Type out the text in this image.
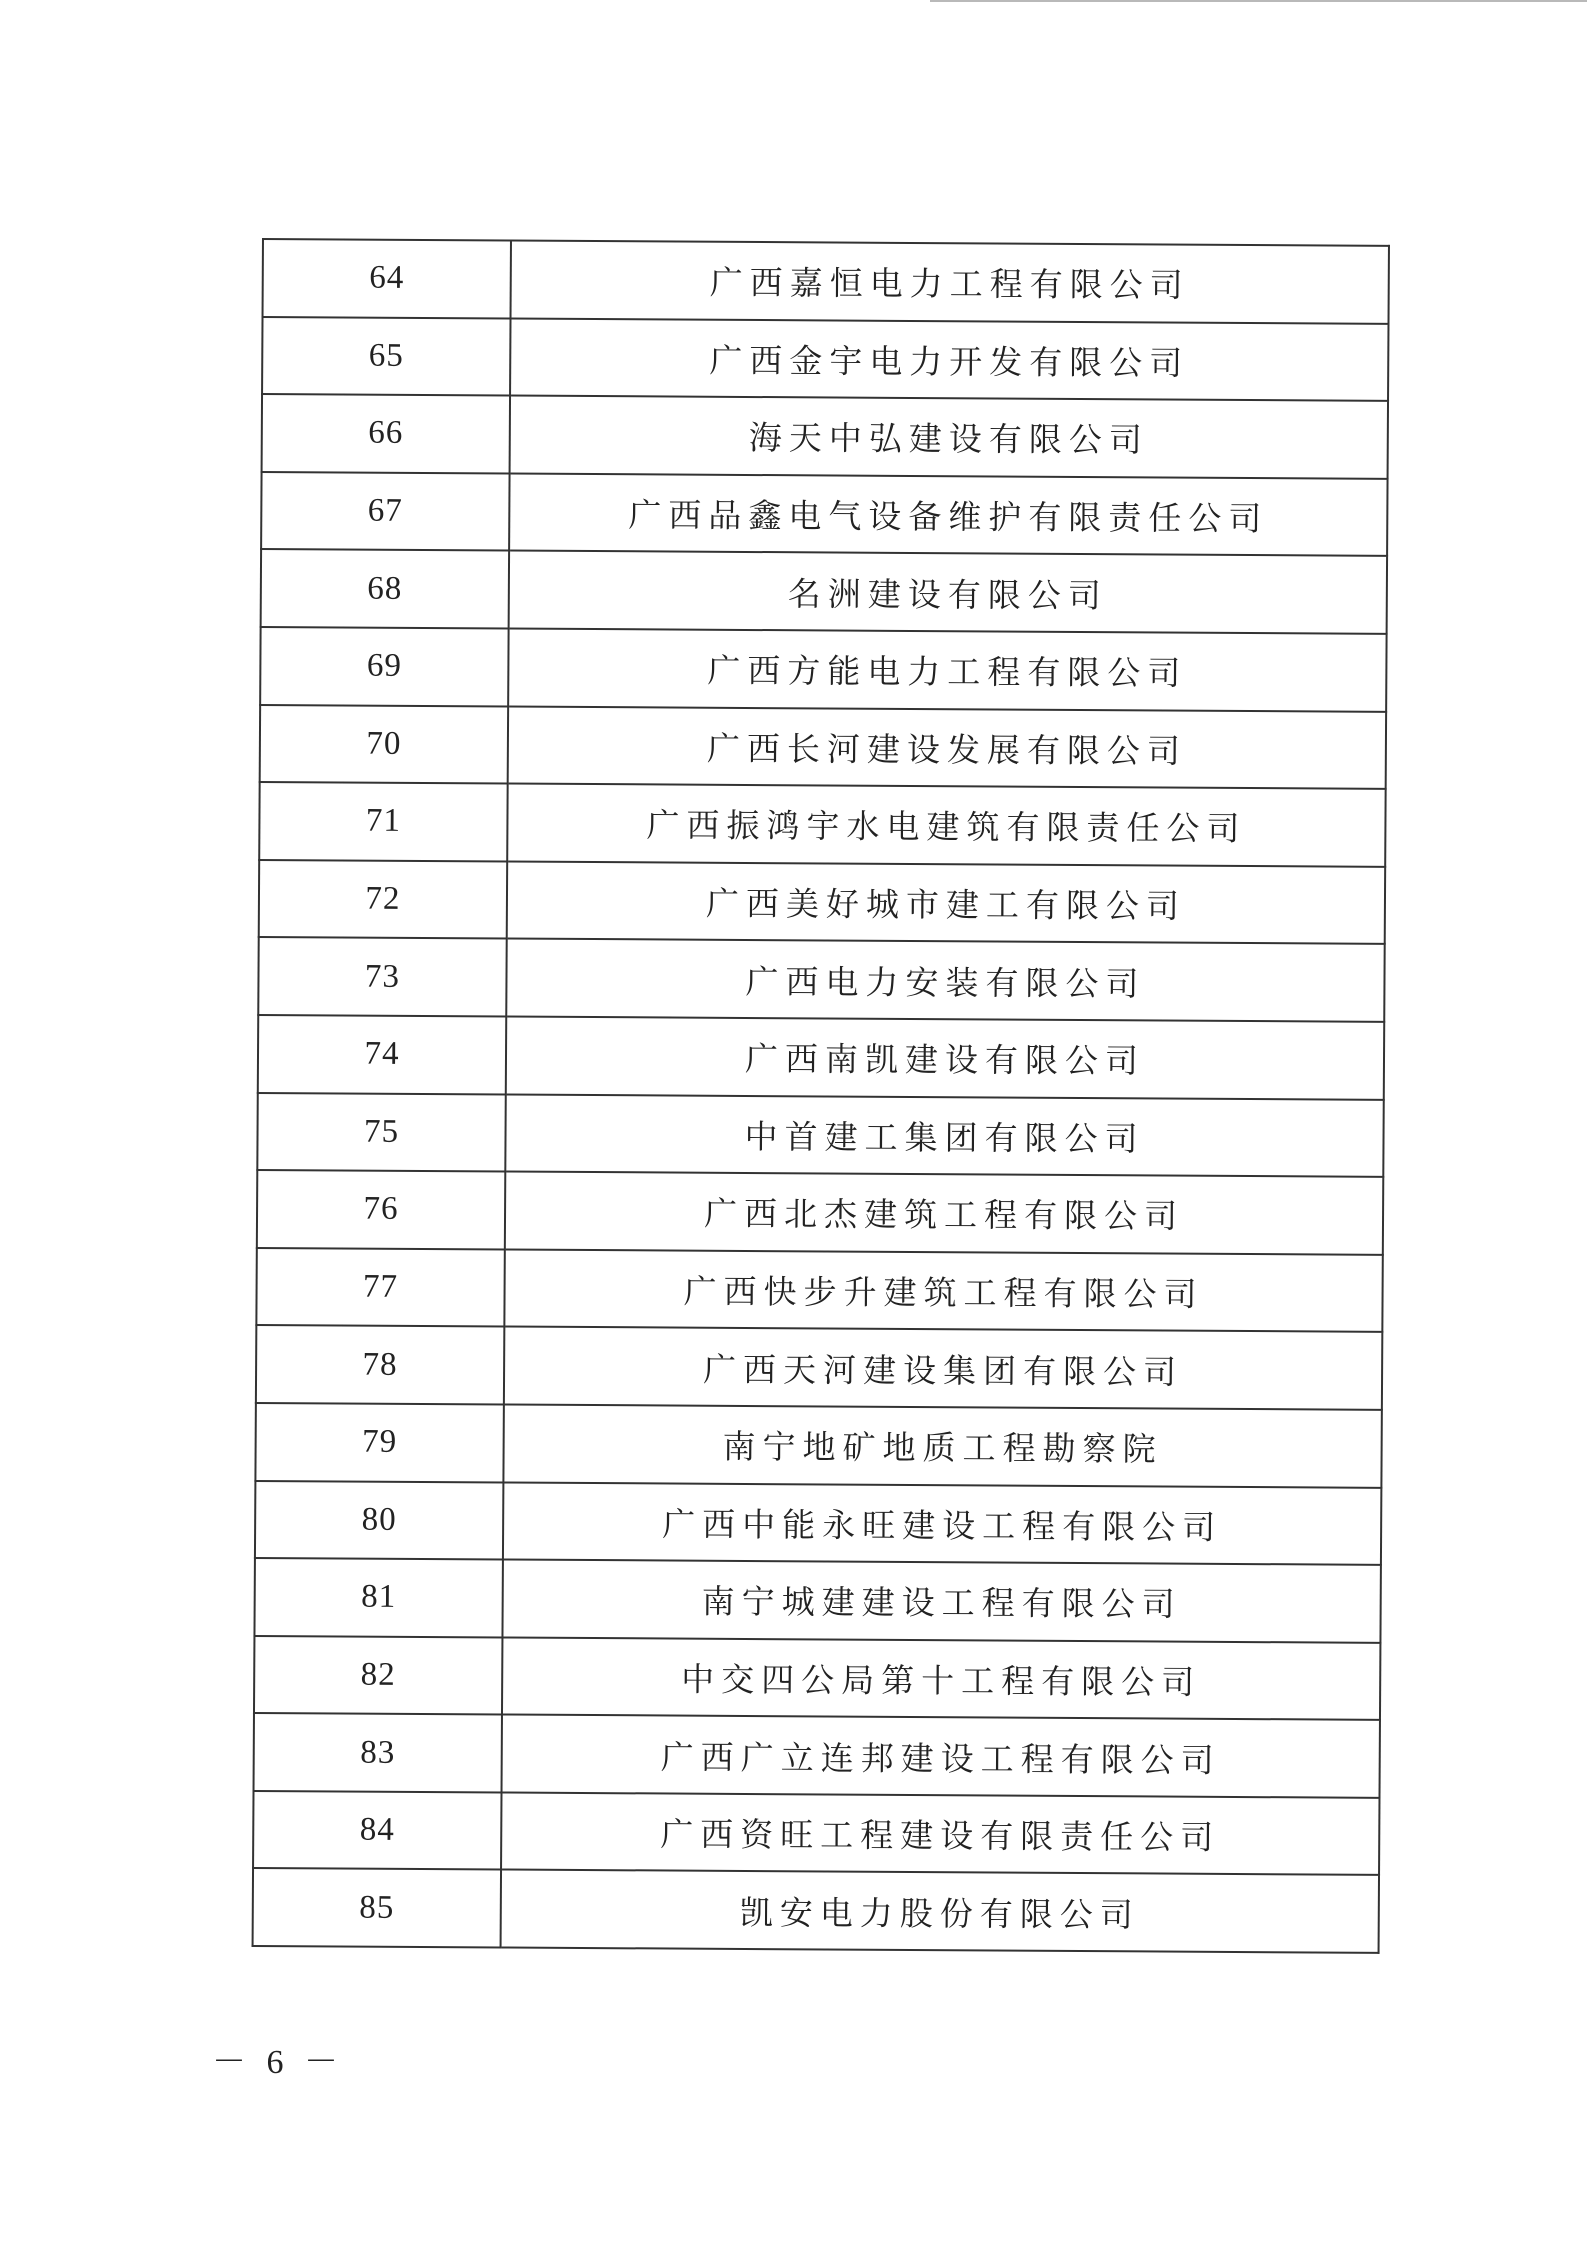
64	广西嘉恒电力工程有限公司
65	广西金宇电力开发有限公司
66	海天中弘建设有限公司
67	广西品鑫电气设备维护有限责任公司
68	名洲建设有限公司
69	广西方能电力工程有限公司
70	广西长河建设发展有限公司
71	广西振鸿宇水电建筑有限责任公司
72	广西美好城市建工有限公司
73	广西电力安装有限公司
74	广西南凯建设有限公司
75	中首建工集团有限公司
76	广西北杰建筑工程有限公司
77	广西快步升建筑工程有限公司
78	广西天河建设集团有限公司
79	南宁地矿地质工程勘察院
80	广西中能永旺建设工程有限公司
81	南宁城建建设工程有限公司
82	中交四公局第十工程有限公司
83	广西广立连邦建设工程有限公司
84	广西资旺工程建设有限责任公司
85	凯安电力股份有限公司
－ 6 －
